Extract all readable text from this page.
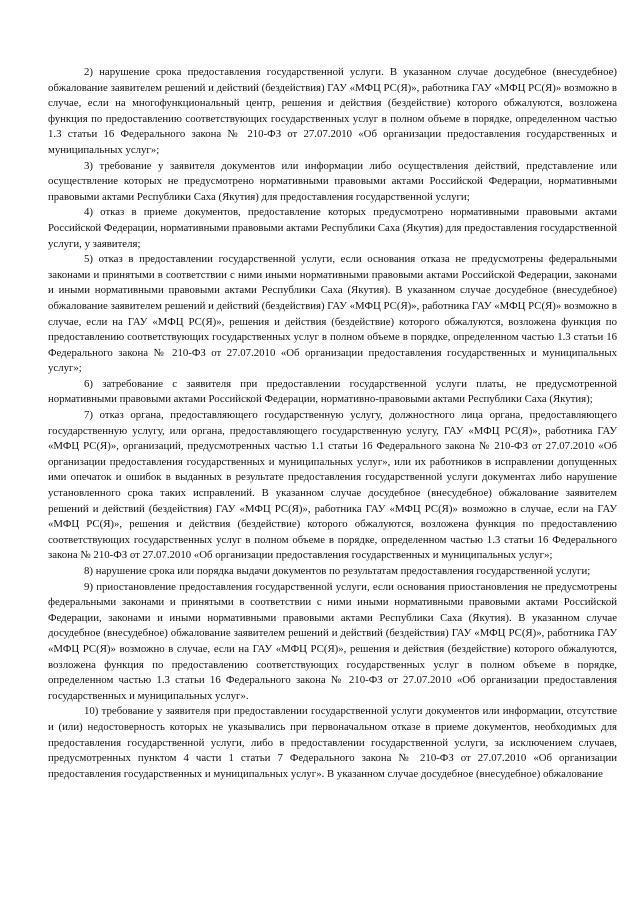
2) нарушение срока предоставления государственной услуги. В указанном случае досудебное (внесудебное) обжалование заявителем решений и действий (бездействия) ГАУ «МФЦ РС(Я)», работника ГАУ «МФЦ РС(Я)» возможно в случае, если на многофункциональный центр, решения и действия (бездействие) которого обжалуются, возложена функция по предоставлению соответствующих государственных услуг в полном объеме в порядке, определенном частью 1.3 статьи 16 Федерального закона № 210-ФЗ от 27.07.2010 «Об организации предоставления государственных и муниципальных услуг»;

3) требование у заявителя документов или информации либо осуществления действий, представление или осуществление которых не предусмотрено нормативными правовыми актами Российской Федерации, нормативными правовыми актами Республики Саха (Якутия) для предоставления государственной услуги;

4) отказ в приеме документов, предоставление которых предусмотрено нормативными правовыми актами Российской Федерации, нормативными правовыми актами Республики Саха (Якутия) для предоставления государственной услуги, у заявителя;

5) отказ в предоставлении государственной услуги, если основания отказа не предусмотрены федеральными законами и принятыми в соответствии с ними иными нормативными правовыми актами Российской Федерации, законами и иными нормативными правовыми актами Республики Саха (Якутия). В указанном случае досудебное (внесудебное) обжалование заявителем решений и действий (бездействия) ГАУ «МФЦ РС(Я)», работника ГАУ «МФЦ РС(Я)» возможно в случае, если на ГАУ «МФЦ РС(Я)», решения и действия (бездействие) которого обжалуются, возложена функция по предоставлению соответствующих государственных услуг в полном объеме в порядке, определенном частью 1.3 статьи 16 Федерального закона № 210-ФЗ от 27.07.2010 «Об организации предоставления государственных и муниципальных услуг»;

6) затребование с заявителя при предоставлении государственной услуги платы, не предусмотренной нормативными правовыми актами Российской Федерации, нормативно-правовыми актами Республики Саха (Якутия);

7) отказ органа, предоставляющего государственную услугу, должностного лица органа, предоставляющего государственную услугу, или органа, предоставляющего государственную услугу, ГАУ «МФЦ РС(Я)», работника ГАУ «МФЦ РС(Я)», организаций, предусмотренных частью 1.1 статьи 16 Федерального закона № 210-ФЗ от 27.07.2010 «Об организации предоставления государственных и муниципальных услуг», или их работников в исправлении допущенных ими опечаток и ошибок в выданных в результате предоставления государственной услуги документах либо нарушение установленного срока таких исправлений. В указанном случае досудебное (внесудебное) обжалование заявителем решений и действий (бездействия) ГАУ «МФЦ РС(Я)», работника ГАУ «МФЦ РС(Я)» возможно в случае, если на ГАУ «МФЦ РС(Я)», решения и действия (бездействие) которого обжалуются, возложена функция по предоставлению соответствующих государственных услуг в полном объеме в порядке, определенном частью 1.3 статьи 16 Федерального закона № 210-ФЗ от 27.07.2010 «Об организации предоставления государственных и муниципальных услуг»;

8) нарушение срока или порядка выдачи документов по результатам предоставления государственной услуги;

9) приостановление предоставления государственной услуги, если основания приостановления не предусмотрены федеральными законами и принятыми в соответствии с ними иными нормативными правовыми актами Российской Федерации, законами и иными нормативными правовыми актами Республики Саха (Якутия). В указанном случае досудебное (внесудебное) обжалование заявителем решений и действий (бездействия) ГАУ «МФЦ РС(Я)», работника ГАУ «МФЦ РС(Я)» возможно в случае, если на ГАУ «МФЦ РС(Я)», решения и действия (бездействие) которого обжалуются, возложена функция по предоставлению соответствующих государственных услуг в полном объеме в порядке, определенном частью 1.3 статьи 16 Федерального закона № 210-ФЗ от 27.07.2010 «Об организации предоставления государственных и муниципальных услуг».

10) требование у заявителя при предоставлении государственной услуги документов или информации, отсутствие и (или) недостоверность которых не указывались при первоначальном отказе в приеме документов, необходимых для предоставления государственной услуги, либо в предоставлении государственной услуги, за исключением случаев, предусмотренных пунктом 4 части 1 статьи 7 Федерального закона № 210-ФЗ от 27.07.2010 «Об организации предоставления государственных и муниципальных услуг». В указанном случае досудебное (внесудебное) обжалование
